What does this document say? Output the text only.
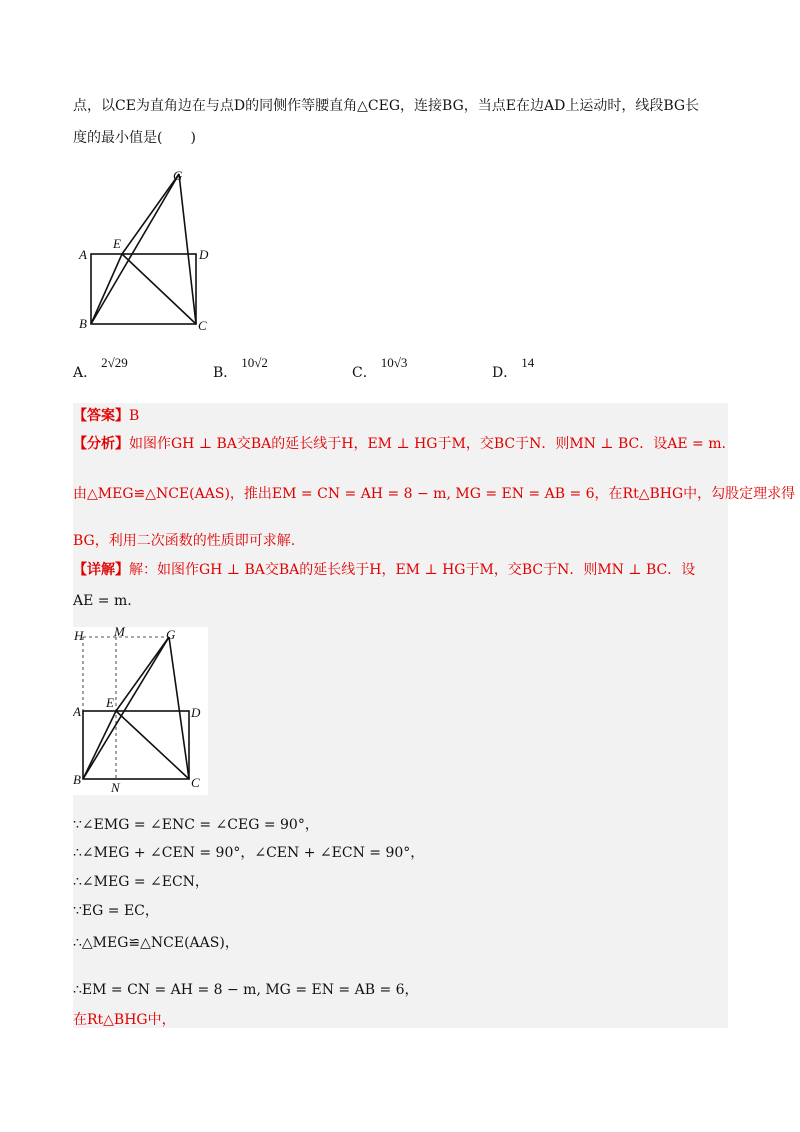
点，以CE为直角边在与点D的同侧作等腰直角△CEG，连接BG，当点E在边AD上运动时，线段BG长
度的最小值是(　　)
A
B	C
D
E
G
A．2√29
B．10√2
C．10√3
D．14
【答案】B
【分析】如图作GH ⊥ BA交BA的延长线于H，EM ⊥ HG于M，交BC于N．则MN ⊥ BC．设AE = m.
由△MEG≌△NCE(AAS)，推出EM = CN = AH = 8 − m, MG = EN = AB = 6，在Rt△BHG中，勾股定理求得
BG，利用二次函数的性质即可求解.
【详解】解：如图作GH ⊥ BA交BA的延长线于H，EM ⊥ HG于M，交BC于N．则MN ⊥ BC．设
AE = m.
H M	G
A
E
D
B
N	C
∵∠EMG = ∠ENC = ∠CEG = 90°，
∴∠MEG + ∠CEN = 90°，∠CEN + ∠ECN = 90°，
∴∠MEG = ∠ECN，
∵EG = EC，
∴△MEG≌△NCE(AAS)，
∴EM = CN = AH = 8 − m, MG = EN = AB = 6，
在Rt△BHG中，
